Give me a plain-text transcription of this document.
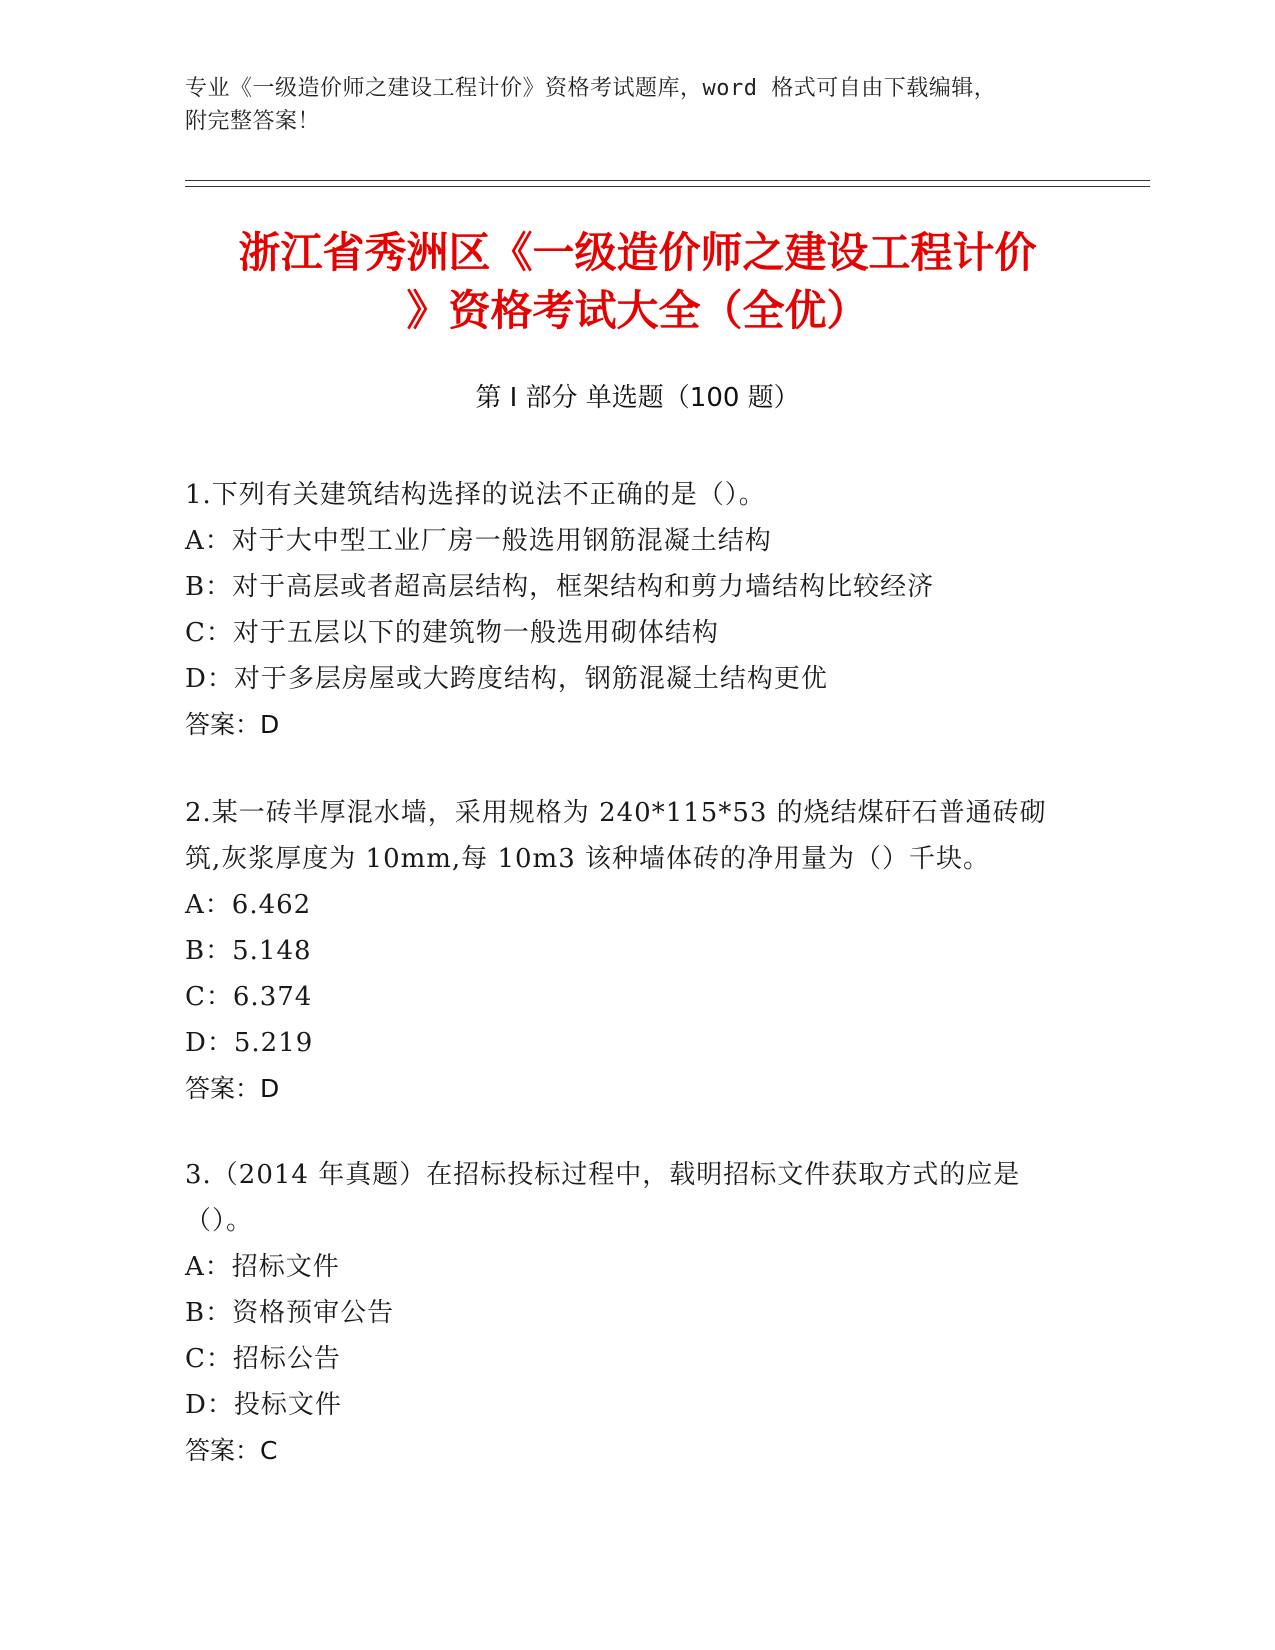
专业《一级造价师之建设工程计价》资格考试题库，word 格式可自由下载编辑，
附完整答案！
浙江省秀洲区《一级造价师之建设工程计价
》资格考试大全（全优）
第 I 部分 单选题（100 题）
1.下列有关建筑结构选择的说法不正确的是（）。
A：对于大中型工业厂房一般选用钢筋混凝土结构
B：对于高层或者超高层结构，框架结构和剪力墙结构比较经济
C：对于五层以下的建筑物一般选用砌体结构
D：对于多层房屋或大跨度结构，钢筋混凝土结构更优
答案：D
2.某一砖半厚混水墙，采用规格为 240*115*53 的烧结煤矸石普通砖砌
筑,灰浆厚度为 10mm,每 10m3 该种墙体砖的净用量为（）千块。
A：6.462
B：5.148
C：6.374
D：5.219
答案：D
3.（2014 年真题）在招标投标过程中，载明招标文件获取方式的应是
（）。
A：招标文件
B：资格预审公告
C：招标公告
D：投标文件
答案：C
